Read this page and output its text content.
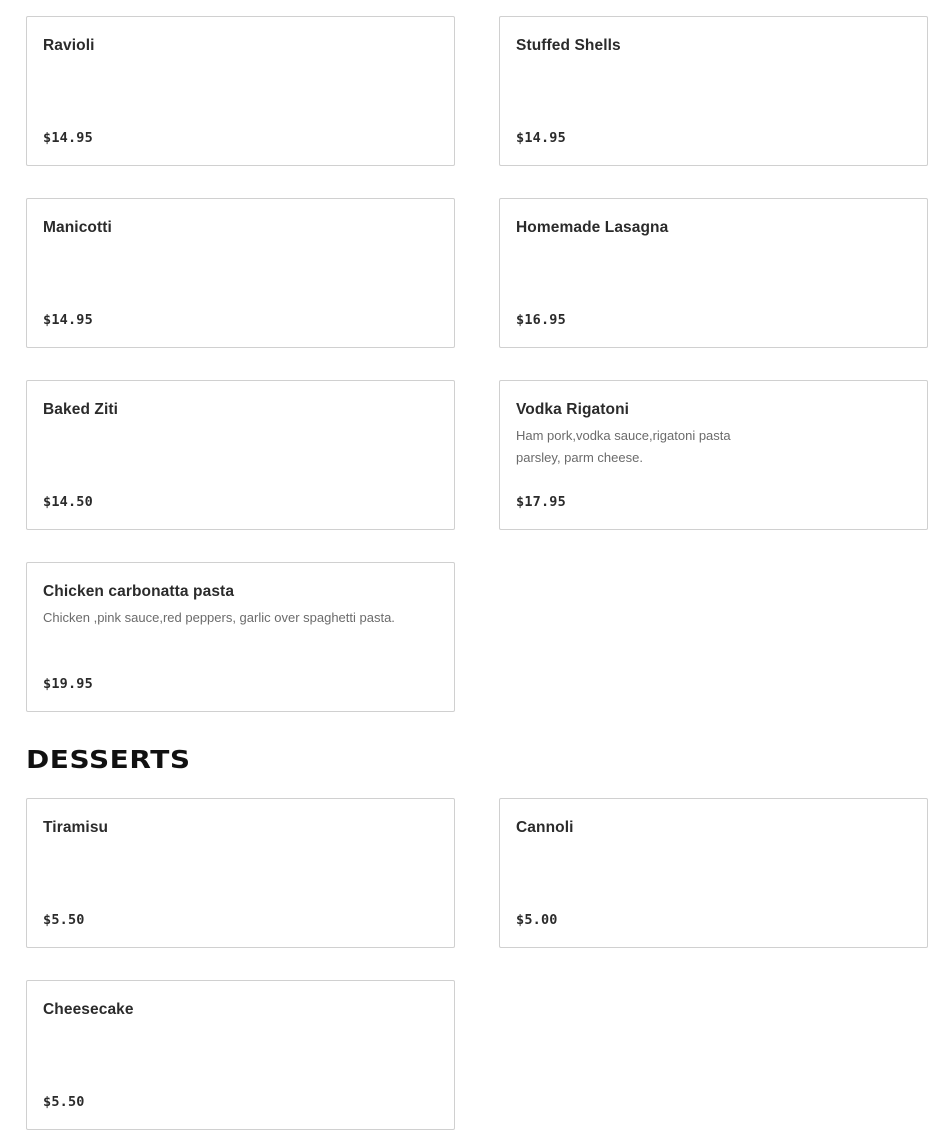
Ravioli
$14.95
Stuffed Shells
$14.95
Manicotti
$14.95
Homemade Lasagna
$16.95
Baked Ziti
$14.50
Vodka Rigatoni
Ham pork,vodka sauce,rigatoni pasta parsley, parm cheese.
$17.95
Chicken carbonatta pasta
Chicken ,pink sauce,red peppers, garlic over spaghetti pasta.
$19.95
DESSERTS
Tiramisu
$5.50
Cannoli
$5.00
Cheesecake
$5.50
